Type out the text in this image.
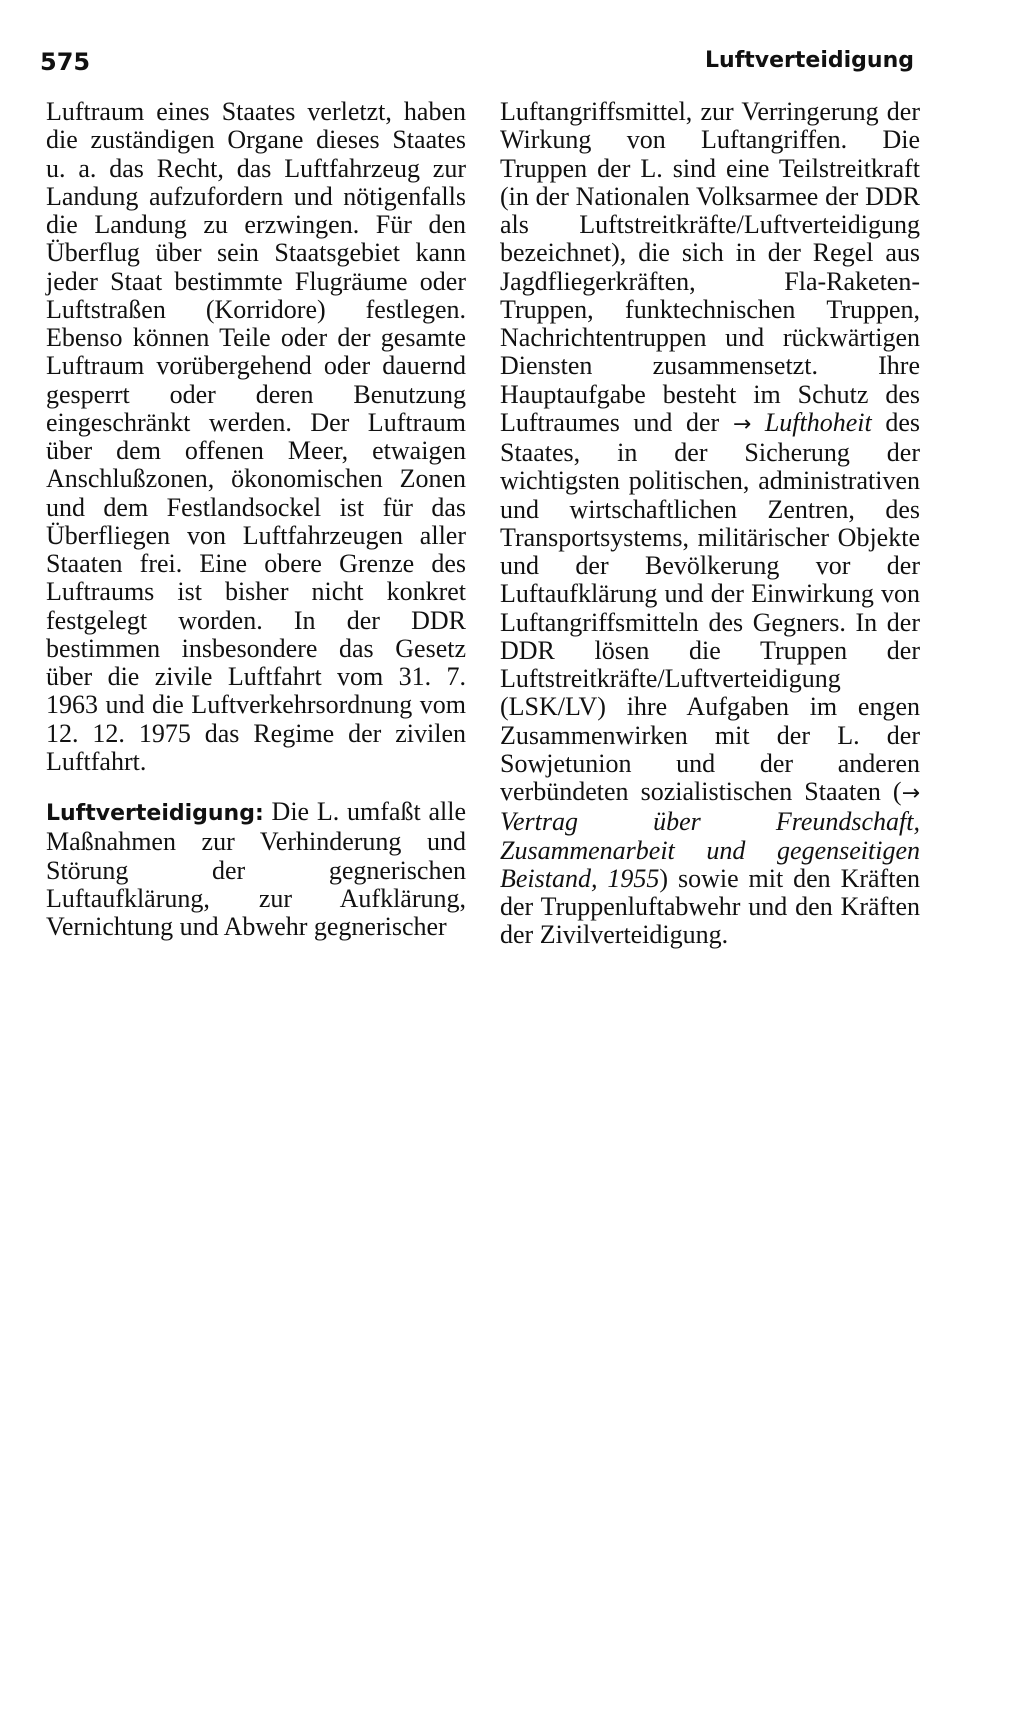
575	Luftverteidigung

Luftraum eines Staates verletzt, haben die zuständigen Organe dieses Staates u. a. das Recht, das Luftfahrzeug zur Landung aufzufordern und nötigenfalls die Landung zu erzwingen. Für den Überflug über sein Staatsgebiet kann jeder Staat bestimmte Flugräume oder Luftstraßen (Korridore) festlegen. Ebenso können Teile oder der gesamte Luftraum vorübergehend oder dauernd gesperrt oder deren Benutzung eingeschränkt werden. Der Luftraum über dem offenen Meer, etwaigen Anschlußzonen, ökonomischen Zonen und dem Festlandsockel ist für das Überfliegen von Luftfahrzeugen aller Staaten frei. Eine obere Grenze des Luftraums ist bisher nicht konkret festgelegt worden. In der DDR bestimmen insbesondere das Gesetz über die zivile Luftfahrt vom 31. 7. 1963 und die Luftverkehrsordnung vom 12. 12. 1975 das Regime der zivilen Luftfahrt.

Luftverteidigung: Die L. umfaßt alle Maßnahmen zur Verhinderung und Störung der gegnerischen Luftaufklärung, zur Aufklärung, Vernichtung und Abwehr gegnerischer

Luftangriffsmittel, zur Verringerung der Wirkung von Luftangriffen. Die Truppen der L. sind eine Teilstreitkraft (in der Nationalen Volksarmee der DDR als Luftstreitkräfte/Luftverteidigung bezeichnet), die sich in der Regel aus Jagdfliegerkräften, Fla-Raketen-Truppen, funktechnischen Truppen, Nachrichtentruppen und rückwärtigen Diensten zusammensetzt. Ihre Hauptaufgabe besteht im Schutz des Luftraumes und der → Lufthoheit des Staates, in der Sicherung der wichtigsten politischen, administrativen und wirtschaftlichen Zentren, des Transportsystems, militärischer Objekte und der Bevölkerung vor der Luftaufklärung und der Einwirkung von Luftangriffsmitteln des Gegners. In der DDR lösen die Truppen der Luftstreitkräfte/Luftverteidigung (LSK/LV) ihre Aufgaben im engen Zusammenwirken mit der L. der Sowjetunion und der anderen verbündeten sozialistischen Staaten (→ Vertrag über Freundschaft, Zusammenarbeit und gegenseitigen Beistand, 1955) sowie mit den Kräften der Truppenluftabwehr und den Kräften der Zivilverteidigung.
